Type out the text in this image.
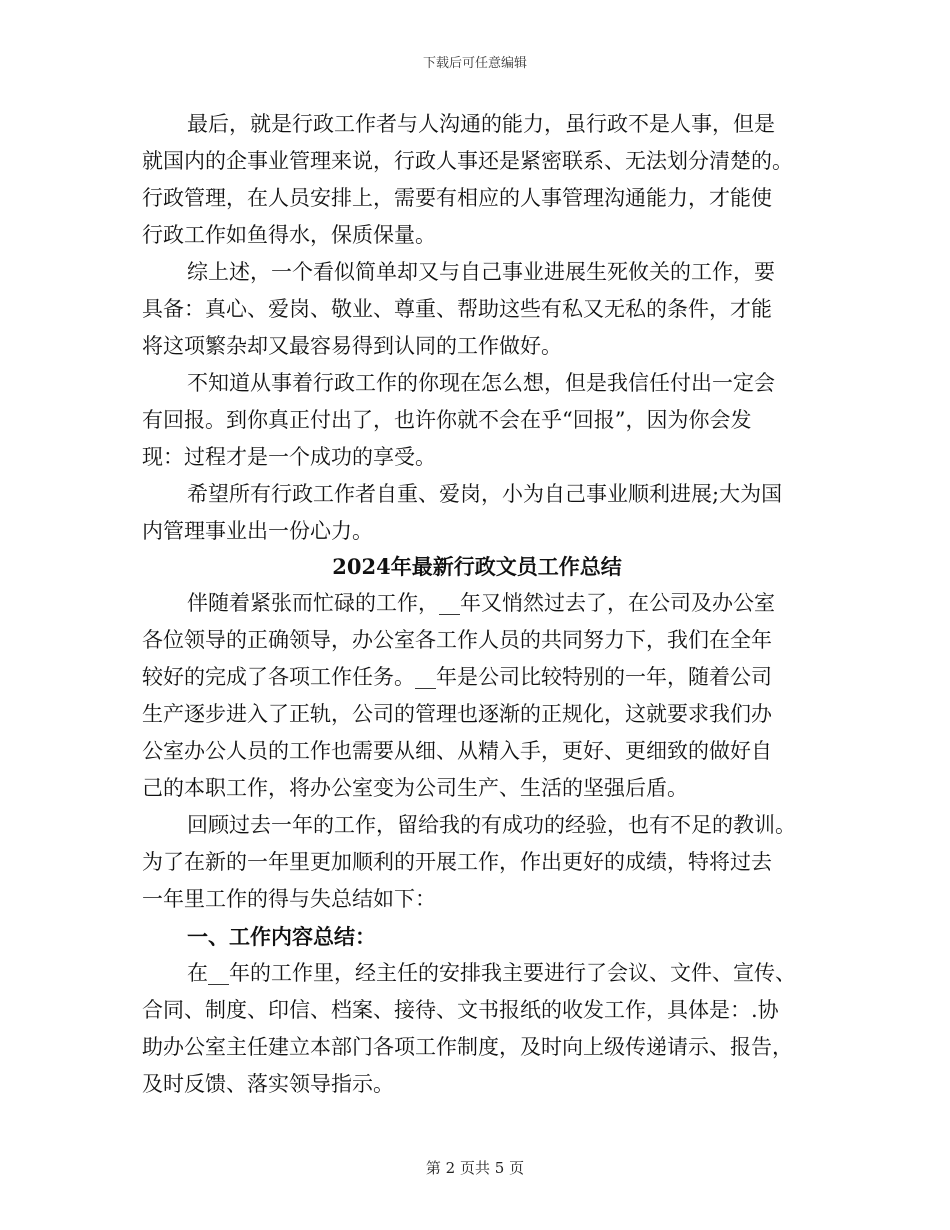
下载后可任意编辑
最后，就是行政工作者与人沟通的能力，虽行政不是人事，但是
就国内的企事业管理来说，行政人事还是紧密联系、无法划分清楚的。
行政管理，在人员安排上，需要有相应的人事管理沟通能力，才能使
行政工作如鱼得水，保质保量。
综上述，一个看似简单却又与自己事业进展生死攸关的工作，要
具备：真心、爱岗、敬业、尊重、帮助这些有私又无私的条件，才能
将这项繁杂却又最容易得到认同的工作做好。
不知道从事着行政工作的你现在怎么想，但是我信任付出一定会
有回报。到你真正付出了，也许你就不会在乎“回报”，因为你会发
现：过程才是一个成功的享受。
希望所有行政工作者自重、爱岗，小为自己事业顺利进展;大为国
内管理事业出一份心力。
2024年最新行政文员工作总结
伴随着紧张而忙碌的工作，__年又悄然过去了，在公司及办公室
各位领导的正确领导，办公室各工作人员的共同努力下，我们在全年
较好的完成了各项工作任务。__年是公司比较特别的一年，随着公司
生产逐步进入了正轨，公司的管理也逐渐的正规化，这就要求我们办
公室办公人员的工作也需要从细、从精入手，更好、更细致的做好自
己的本职工作，将办公室变为公司生产、生活的坚强后盾。
回顾过去一年的工作，留给我的有成功的经验，也有不足的教训。
为了在新的一年里更加顺利的开展工作，作出更好的成绩，特将过去
一年里工作的得与失总结如下：
一、工作内容总结：
在__年的工作里，经主任的安排我主要进行了会议、文件、宣传、
合同、制度、印信、档案、接待、文书报纸的收发工作，具体是：.协
助办公室主任建立本部门各项工作制度，及时向上级传递请示、报告，
及时反馈、落实领导指示。
第 2 页共 5 页
